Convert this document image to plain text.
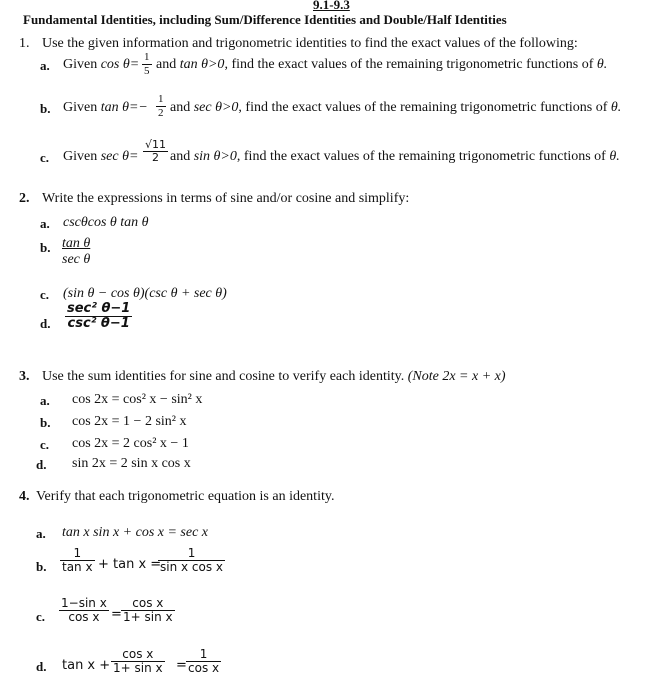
9.1-9.3
Fundamental Identities, including Sum/Difference Identities and Double/Half Identities
1. Use the given information and trigonometric identities to find the exact values of the following:
a. Given $\cos \theta= \frac{1}{5}$ and tan θ>0, find the exact values of the remaining trigonometric functions of θ.
b. Given $\tan \theta=- \frac{1}{2}$ and sec θ>0, find the exact values of the remaining trigonometric functions of θ.
c. Given $\sec \theta= \frac{√11}{2}$ and sin θ>0, find the exact values of the remaining trigonometric functions of θ.
2. Write the expressions in terms of sine and/or cosine and simplify:
a. cscθcos θ tan θ
b. tan θ
sec θ
c. (sin θ − cos θ)(csc θ + sec θ)
d.
sec² θ−1
csc² θ−1
3. Use the sum identities for sine and cosine to verify each identity. (Note 2x = x + x)
a. cos 2x = cos² x − sin² x
b. cos 2x = 1 − 2 sin² x
c. cos 2x = 2 cos² x − 1
d. sin 2x = 2 sin x cos x
4. Verify that each trigonometric equation is an identity.
a. tan x sin x + cos x = sec x
b. $\frac{1}{\text{tan x}} + \tan x$ =
$\frac{1}{\text{sin x cos x}}$
c. $\frac{\text{1−sin x}}{\text{cos x}} = \frac{\text{cos x}}{\text{1+ sin x}}$
d. $\tan x + \frac{\text{cos x}}{\text{1+ sin x}} = \frac{1}{\text{cos x}}$
